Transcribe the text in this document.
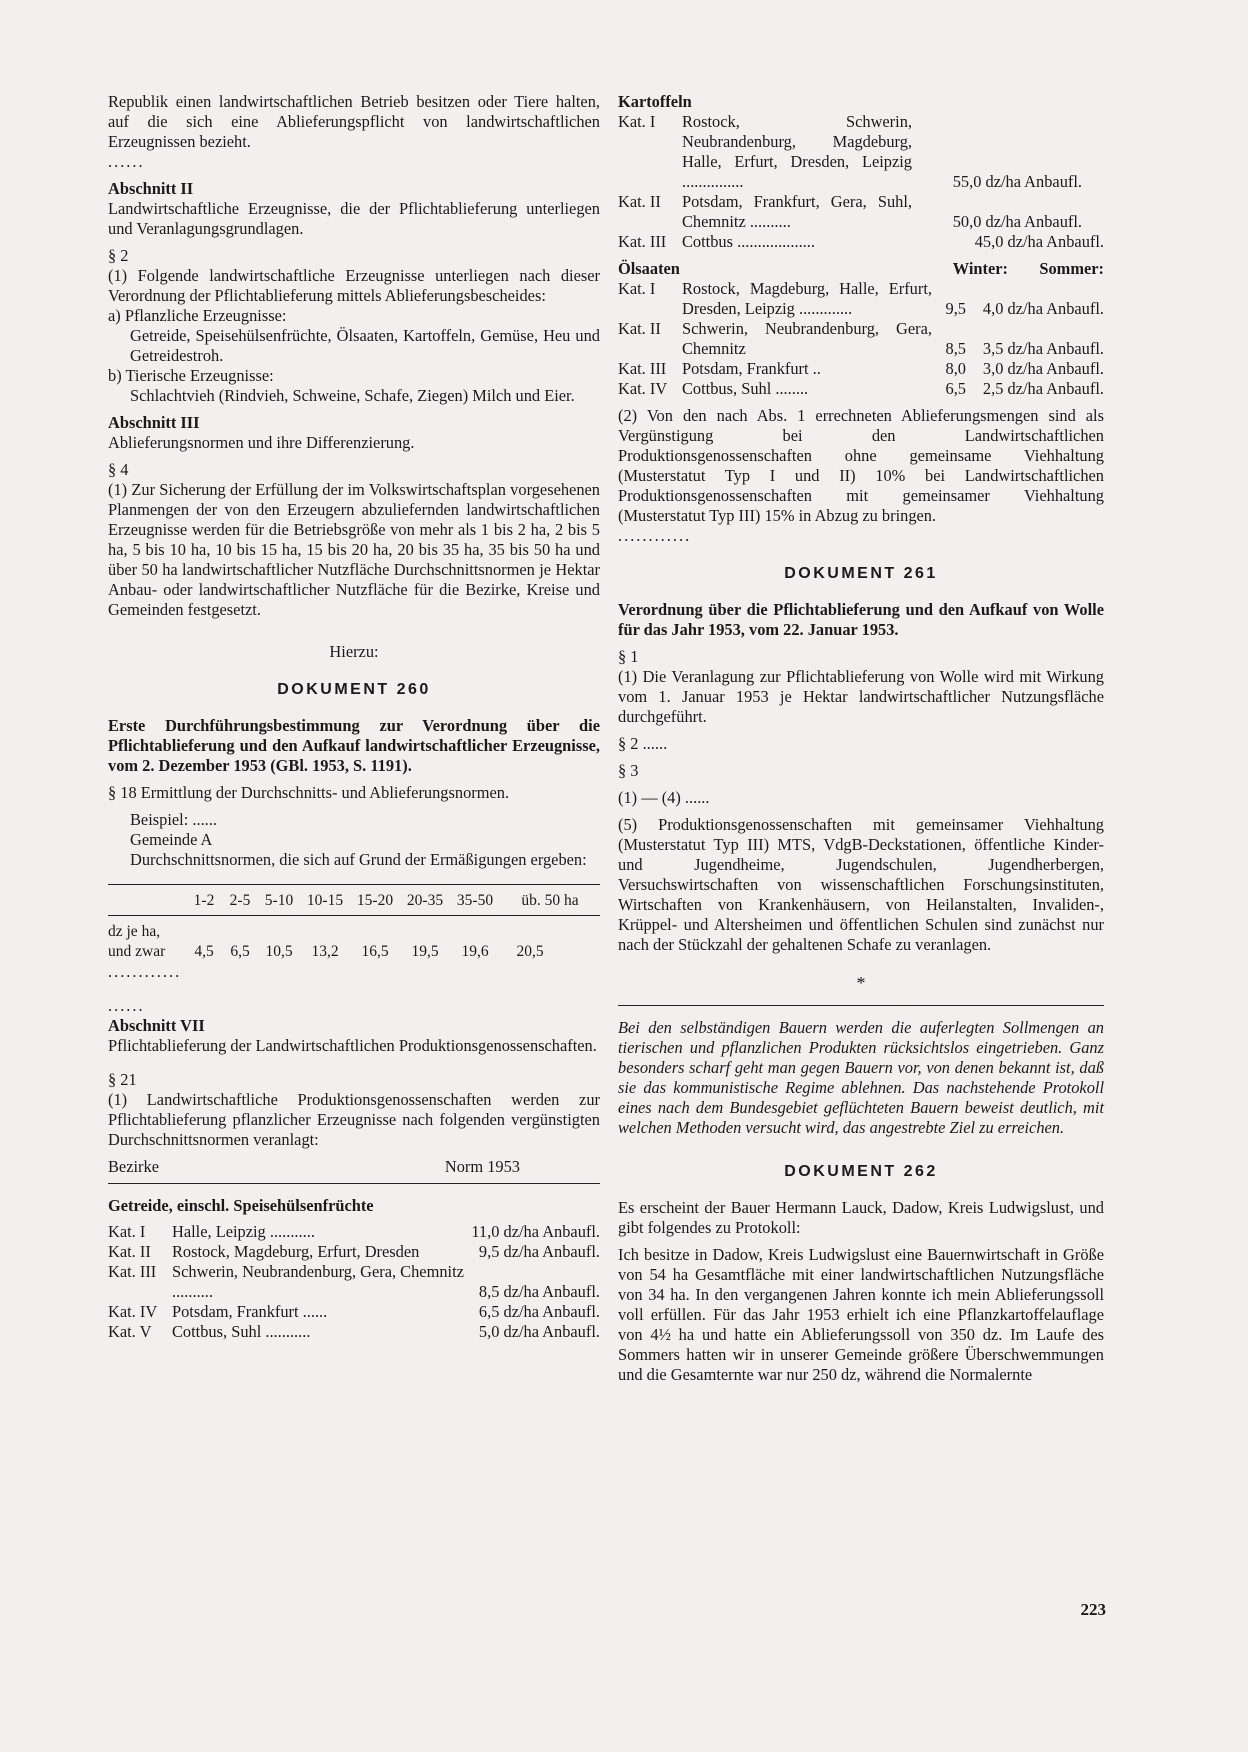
Republik einen landwirtschaftlichen Betrieb besitzen oder Tiere halten, auf die sich eine Ablieferungspflicht von landwirtschaftlichen Erzeugnissen bezieht.

......

Abschnitt II

Landwirtschaftliche Erzeugnisse, die der Pflichtablieferung unterliegen und Veranlagungsgrundlagen.

§ 2

(1) Folgende landwirtschaftliche Erzeugnisse unterliegen nach dieser Verordnung der Pflichtablieferung mittels Ablieferungsbescheides:

a) Pflanzliche Erzeugnisse:

Getreide, Speisehülsenfrüchte, Ölsaaten, Kartoffeln, Gemüse, Heu und Getreidestroh.

b) Tierische Erzeugnisse:

Schlachtvieh (Rindvieh, Schweine, Schafe, Ziegen) Milch und Eier.

Abschnitt III

Ablieferungsnormen und ihre Differenzierung.

§ 4

(1) Zur Sicherung der Erfüllung der im Volkswirtschaftsplan vorgesehenen Planmengen der von den Erzeugern abzuliefernden landwirtschaftlichen Erzeugnisse werden für die Betriebsgröße von mehr als 1 bis 2 ha, 2 bis 5 ha, 5 bis 10 ha, 10 bis 15 ha, 15 bis 20 ha, 20 bis 35 ha, 35 bis 50 ha und über 50 ha landwirtschaftlicher Nutzfläche Durchschnittsnormen je Hektar Anbau- oder landwirtschaftlicher Nutzfläche für die Bezirke, Kreise und Gemeinden festgesetzt.

Hierzu:

DOKUMENT 260

Erste Durchführungsbestimmung zur Verordnung über die Pflichtablieferung und den Aufkauf landwirtschaftlicher Erzeugnisse, vom 2. Dezember 1953 (GBl. 1953, S. 1191).

§ 18 Ermittlung der Durchschnitts- und Ablieferungsnormen.

Beispiel: ......

Gemeinde A

Durchschnittsnormen, die sich auf Grund der Ermäßigungen ergeben:

1-2 2-5 5-10 10-15 15-20 20-35 35-50	üb. 50 ha
dz je ha,
und zwar	4,5	6,5	10,5	13,2	16,5	19,5	19,6	20,5

............

......

Abschnitt VII

Pflichtablieferung der Landwirtschaftlichen Produktionsgenossenschaften.

§ 21

(1) Landwirtschaftliche Produktionsgenossenschaften werden zur Pflichtablieferung pflanzlicher Erzeugnisse nach folgenden vergünstigten Durchschnittsnormen veranlagt:

Bezirke	Norm 1953

Getreide, einschl. Speisehülsenfrüchte

Kat. I	Halle, Leipzig ...........	11,0 dz/ha Anbaufl.
Kat. II	Rostock, Magdeburg, Erfurt, Dresden	9,5 dz/ha Anbaufl.
Kat. III Schwerin, Neubrandenburg, Gera, Chemnitz ..........	8,5 dz/ha Anbaufl.
Kat. IV Potsdam, Frankfurt ......	6,5 dz/ha Anbaufl.
Kat. V	Cottbus, Suhl ...........	5,0 dz/ha Anbaufl.

Kartoffeln

Kat. I	Rostock, Schwerin, Neubrandenburg, Magdeburg, Halle, Erfurt, Dresden, Leipzig ...............	55,0 dz/ha Anbaufl.
Kat. II	Potsdam, Frankfurt, Gera, Suhl, Chemnitz ..........	50,0 dz/ha Anbaufl.
Kat. III Cottbus ...................	45,0 dz/ha Anbaufl.
Ölsaaten	Winter:	Sommer:
Kat. I	Rostock, Magdeburg, Halle, Erfurt, Dresden, Leipzig .............	9,5	4,0 dz/ha Anbaufl.
Kat. II	Schwerin, Neubrandenburg, Gera, Chemnitz	8,5	3,5 dz/ha Anbaufl.
Kat. III Potsdam, Frankfurt ..	8,0	3,0 dz/ha Anbaufl.
Kat. IV Cottbus, Suhl ........	6,5	2,5 dz/ha Anbaufl.

(2) Von den nach Abs. 1 errechneten Ablieferungsmengen sind als Vergünstigung bei den Landwirtschaftlichen Produktionsgenossenschaften ohne gemeinsame Viehhaltung (Musterstatut Typ I und II) 10% bei Landwirtschaftlichen Produktionsgenossenschaften mit gemeinsamer Viehhaltung (Musterstatut Typ III) 15% in Abzug zu bringen.

............

DOKUMENT 261

Verordnung über die Pflichtablieferung und den Aufkauf von Wolle für das Jahr 1953, vom 22. Januar 1953.

§ 1

(1) Die Veranlagung zur Pflichtablieferung von Wolle wird mit Wirkung vom 1. Januar 1953 je Hektar landwirtschaftlicher Nutzungsfläche durchgeführt.

§ 2 ......

§ 3

(1) — (4) ......

(5) Produktionsgenossenschaften mit gemeinsamer Viehhaltung (Musterstatut Typ III) MTS, VdgB-Deckstationen, öffentliche Kinder- und Jugendheime, Jugendschulen, Jugendherbergen, Versuchswirtschaften von wissenschaftlichen Forschungsinstituten, Wirtschaften von Krankenhäusern, von Heilanstalten, Invaliden-, Krüppel- und Altersheimen und öffentlichen Schulen sind zunächst nur nach der Stückzahl der gehaltenen Schafe zu veranlagen.

*

Bei den selbständigen Bauern werden die auferlegten Sollmengen an tierischen und pflanzlichen Produkten rücksichtslos eingetrieben. Ganz besonders scharf geht man gegen Bauern vor, von denen bekannt ist, daß sie das kommunistische Regime ablehnen. Das nachstehende Protokoll eines nach dem Bundesgebiet geflüchteten Bauern beweist deutlich, mit welchen Methoden versucht wird, das angestrebte Ziel zu erreichen.

DOKUMENT 262

Es erscheint der Bauer Hermann Lauck, Dadow, Kreis Ludwigslust, und gibt folgendes zu Protokoll:

Ich besitze in Dadow, Kreis Ludwigslust eine Bauernwirtschaft in Größe von 54 ha Gesamtfläche mit einer landwirtschaftlichen Nutzungsfläche von 34 ha. In den vergangenen Jahren konnte ich mein Ablieferungssoll voll erfüllen. Für das Jahr 1953 erhielt ich eine Pflanzkartoffelauflage von 4½ ha und hatte ein Ablieferungssoll von 350 dz. Im Laufe des Sommers hatten wir in unserer Gemeinde größere Überschwemmungen und die Gesamternte war nur 250 dz, während die Normalernte

223
